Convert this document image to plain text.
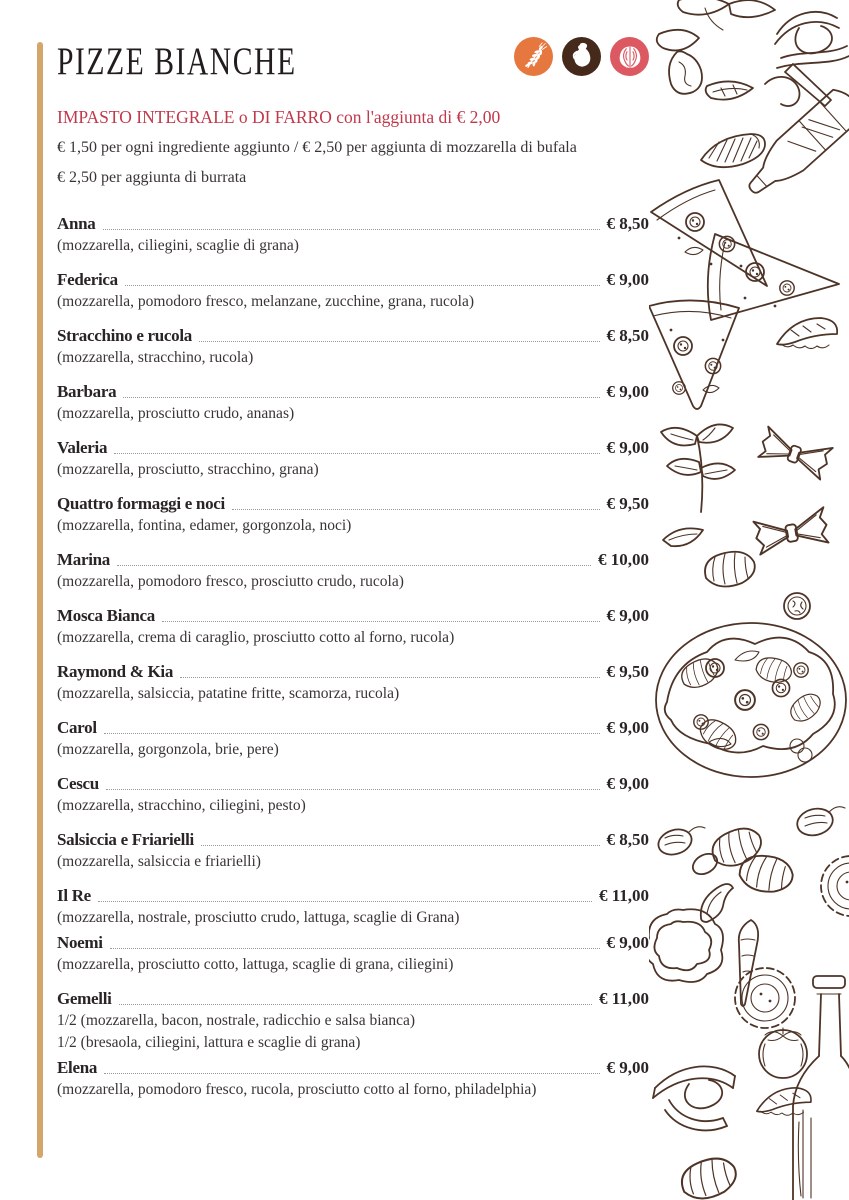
PIZZE BIANCHE

IMPASTO INTEGRALE o DI FARRO con l'aggiunta di € 2,00

€ 1,50 per ogni ingrediente aggiunto / € 2,50 per aggiunta di mozzarella di bufala

€ 2,50 per aggiunta di burrata

Anna	€ 8,50
(mozzarella, ciliegini, scaglie di grana)
Federica	€ 9,00
(mozzarella, pomodoro fresco, melanzane, zucchine, grana, rucola)
Stracchino e rucola	€ 8,50
(mozzarella, stracchino, rucola)
Barbara	€ 9,00
(mozzarella, prosciutto crudo, ananas)
Valeria	€ 9,00
(mozzarella, prosciutto, stracchino, grana)
Quattro formaggi e noci	€ 9,50
(mozzarella, fontina, edamer, gorgonzola, noci)
Marina	€ 10,00
(mozzarella, pomodoro fresco, prosciutto crudo, rucola)
Mosca Bianca	€ 9,00
(mozzarella, crema di caraglio, prosciutto cotto al forno, rucola)
Raymond & Kia	€ 9,50
(mozzarella, salsiccia, patatine fritte, scamorza, rucola)
Carol	€ 9,00
(mozzarella, gorgonzola, brie, pere)
Cescu	€ 9,00
(mozzarella, stracchino, ciliegini, pesto)
Salsiccia e Friarielli	€ 8,50
(mozzarella, salsiccia e friarielli)
Il Re	€ 11,00
(mozzarella, nostrale, prosciutto crudo, lattuga, scaglie di Grana)
Noemi	€ 9,00
(mozzarella, prosciutto cotto, lattuga, scaglie di grana, ciliegini)
Gemelli	€ 11,00
1/2 (mozzarella, bacon, nostrale, radicchio e salsa bianca)
1/2 (bresaola, ciliegini, lattura e scaglie di grana)
Elena	€ 9,00
(mozzarella, pomodoro fresco, rucola, prosciutto cotto al forno, philadelphia)
